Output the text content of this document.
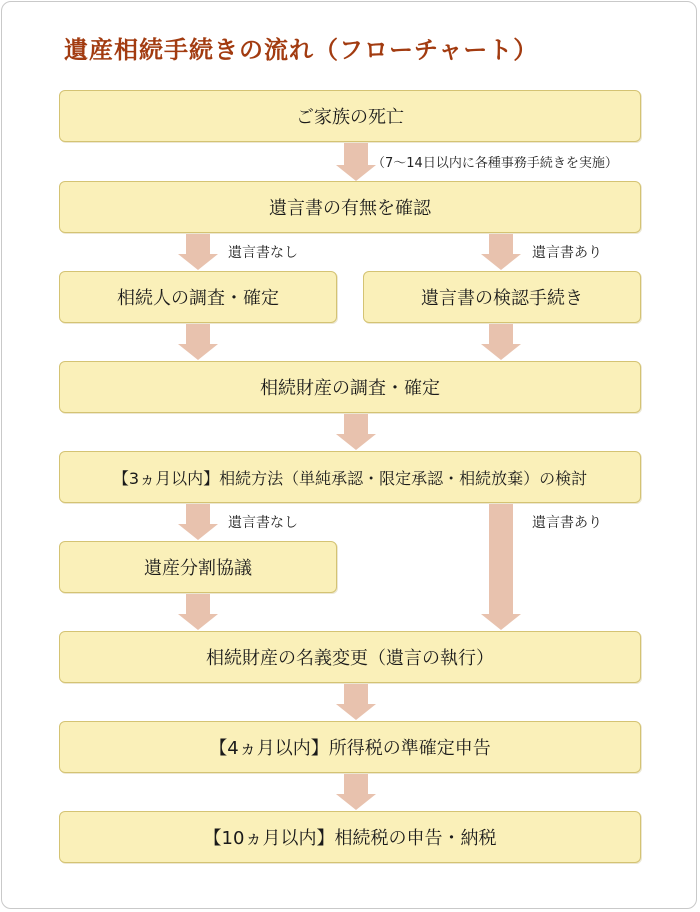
遺産相続手続きの流れ（フローチャート）
ご家族の死亡
遺言書の有無を確認
相続人の調査・確定	遺言書の検認手続き
相続財産の調査・確定
【3ヵ月以内】相続方法（単純承認・限定承認・相続放棄）の検討
遺産分割協議
相続財産の名義変更（遺言の執行）
【4ヵ月以内】所得税の準確定申告
【10ヵ月以内】相続税の申告・納税
（7～14日以内に各種事務手続きを実施）
遺言書なし	遺言書あり
遺言書なし	遺言書あり
